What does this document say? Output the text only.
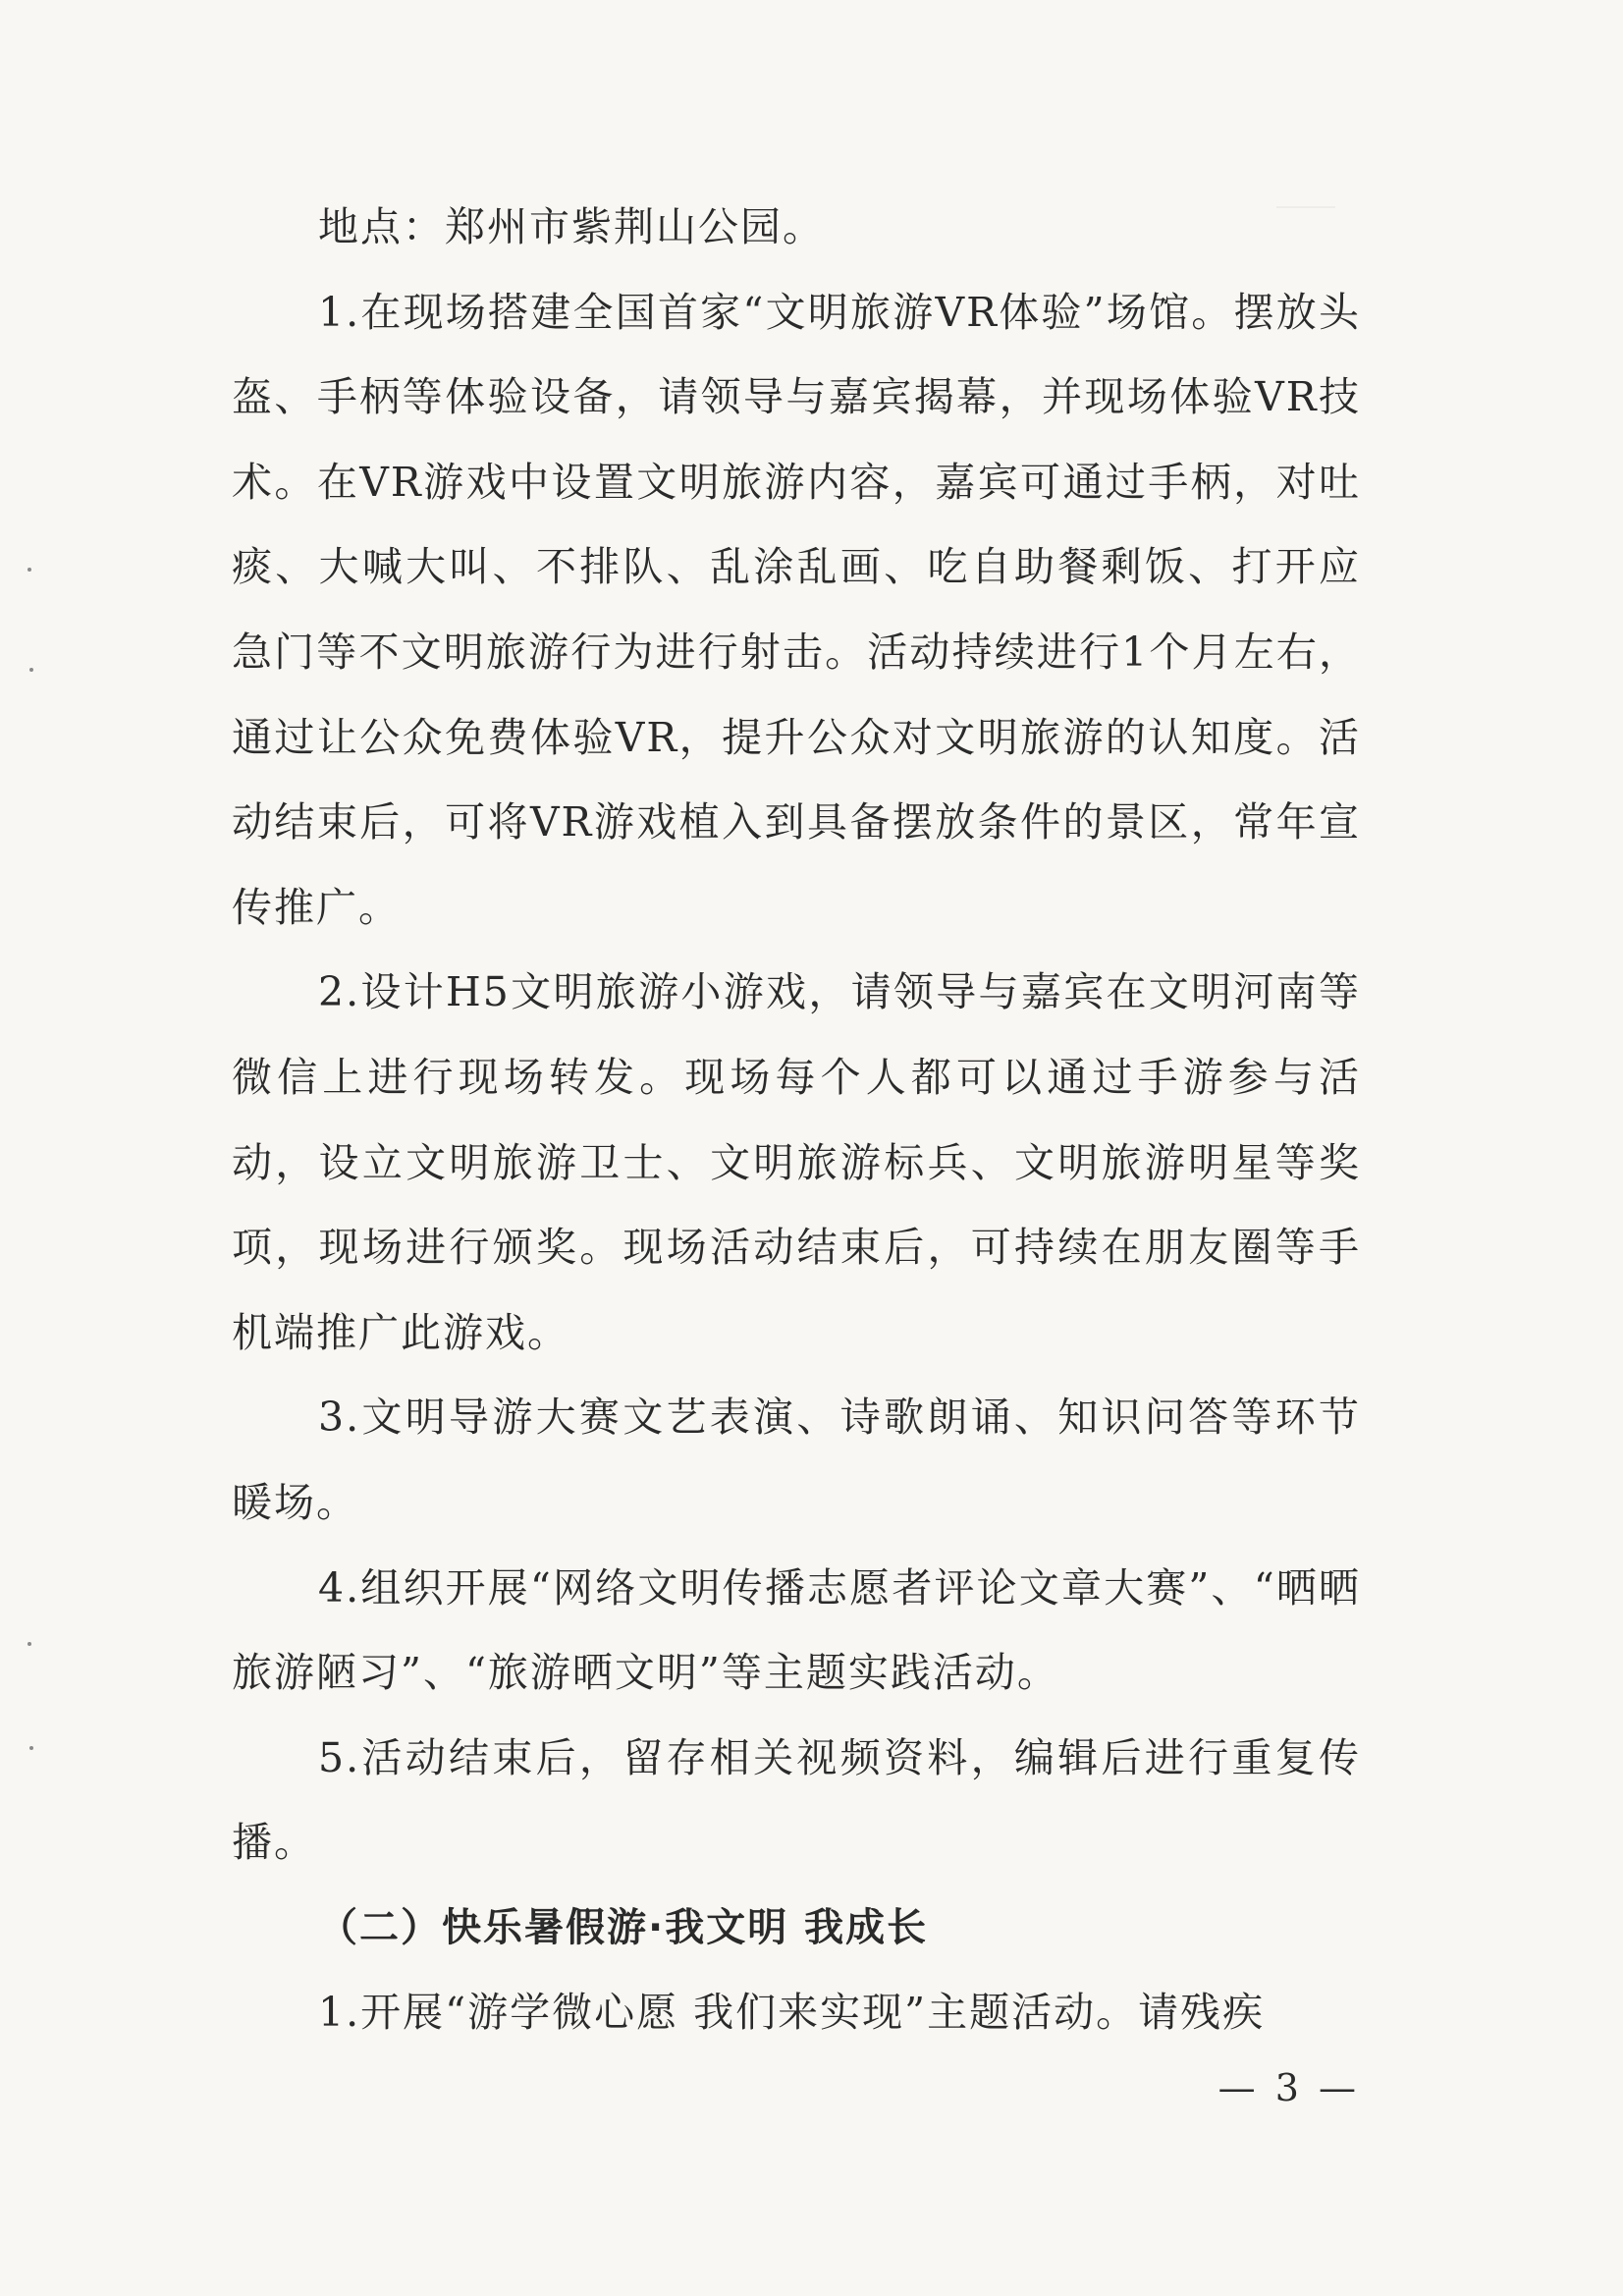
地点：郑州市紫荆山公园。

1.在现场搭建全国首家“文明旅游VR体验”场馆。摆放头盔、手柄等体验设备，请领导与嘉宾揭幕，并现场体验VR技术。在VR游戏中设置文明旅游内容，嘉宾可通过手柄，对吐痰、大喊大叫、不排队、乱涂乱画、吃自助餐剩饭、打开应急门等不文明旅游行为进行射击。活动持续进行1个月左右，通过让公众免费体验VR，提升公众对文明旅游的认知度。活动结束后，可将VR游戏植入到具备摆放条件的景区，常年宣传推广。

2.设计H5文明旅游小游戏，请领导与嘉宾在文明河南等微信上进行现场转发。现场每个人都可以通过手游参与活动，设立文明旅游卫士、文明旅游标兵、文明旅游明星等奖项，现场进行颁奖。现场活动结束后，可持续在朋友圈等手机端推广此游戏。

3.文明导游大赛文艺表演、诗歌朗诵、知识问答等环节暖场。

4.组织开展“网络文明传播志愿者评论文章大赛”、“晒晒旅游陋习”、“旅游晒文明”等主题实践活动。

5.活动结束后，留存相关视频资料，编辑后进行重复传播。

（二）快乐暑假游·我文明 我成长

1.开展“游学微心愿 我们来实现”主题活动。请残疾

— 3 —
